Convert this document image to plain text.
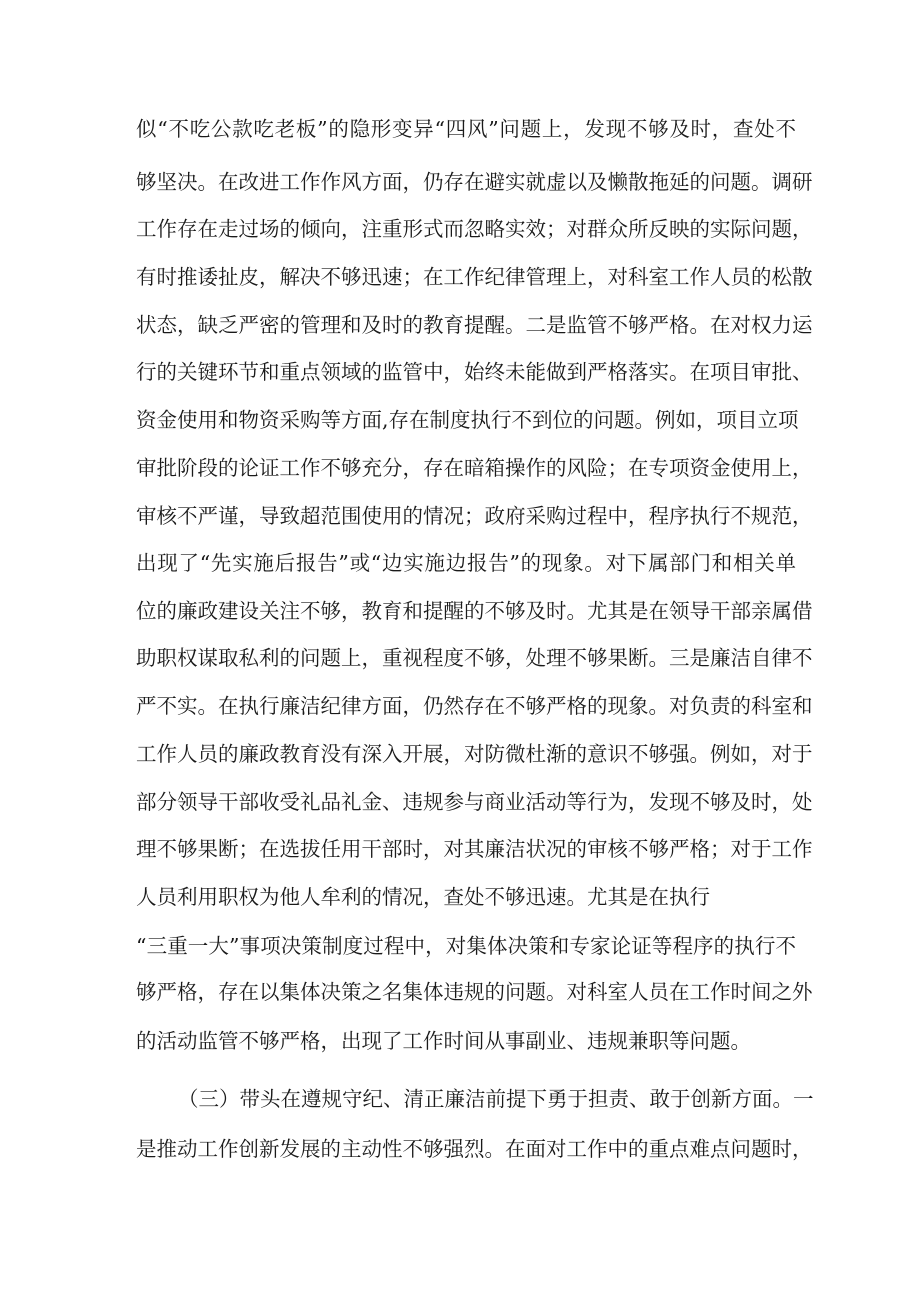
似“不吃公款吃老板”的隐形变异“四风”问题上，发现不够及时，查处不
够坚决。在改进工作作风方面，仍存在避实就虚以及懒散拖延的问题。调研
工作存在走过场的倾向，注重形式而忽略实效；对群众所反映的实际问题，
有时推诿扯皮，解决不够迅速；在工作纪律管理上，对科室工作人员的松散
状态，缺乏严密的管理和及时的教育提醒。二是监管不够严格。在对权力运
行的关键环节和重点领域的监管中，始终未能做到严格落实。在项目审批、
资金使用和物资采购等方面,存在制度执行不到位的问题。例如，项目立项
审批阶段的论证工作不够充分，存在暗箱操作的风险；在专项资金使用上，
审核不严谨，导致超范围使用的情况；政府采购过程中，程序执行不规范，
出现了“先实施后报告”或“边实施边报告”的现象。对下属部门和相关单
位的廉政建设关注不够，教育和提醒的不够及时。尤其是在领导干部亲属借
助职权谋取私利的问题上，重视程度不够，处理不够果断。三是廉洁自律不
严不实。在执行廉洁纪律方面，仍然存在不够严格的现象。对负责的科室和
工作人员的廉政教育没有深入开展，对防微杜渐的意识不够强。例如，对于
部分领导干部收受礼品礼金、违规参与商业活动等行为，发现不够及时，处
理不够果断；在选拔任用干部时，对其廉洁状况的审核不够严格；对于工作
人员利用职权为他人牟利的情况，查处不够迅速。尤其是在执行
“三重一大”事项决策制度过程中，对集体决策和专家论证等程序的执行不
够严格，存在以集体决策之名集体违规的问题。对科室人员在工作时间之外
的活动监管不够严格，出现了工作时间从事副业、违规兼职等问题。
（三）带头在遵规守纪、清正廉洁前提下勇于担责、敢于创新方面。一
是推动工作创新发展的主动性不够强烈。在面对工作中的重点难点问题时，
